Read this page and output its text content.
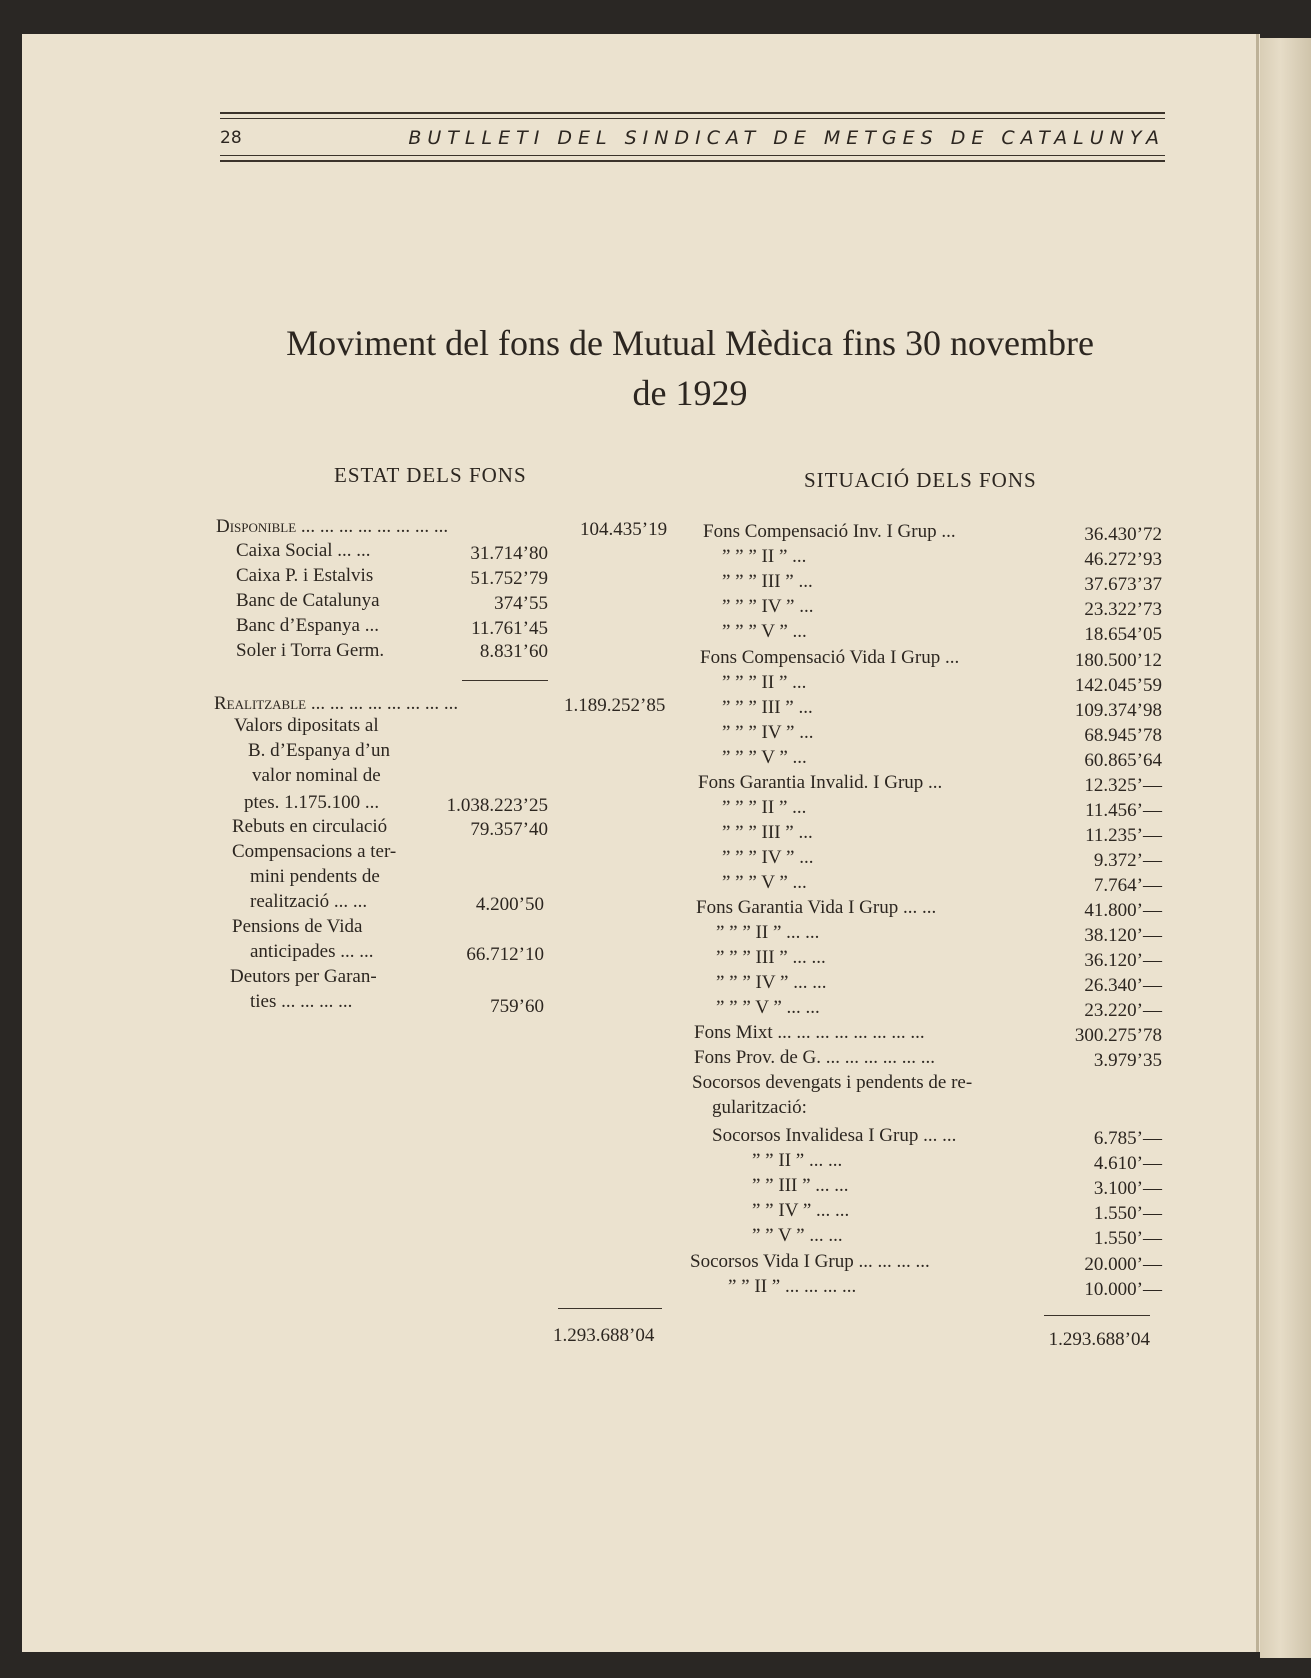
28	BUTLLETI DEL SINDICAT DE METGES DE CATALUNYA
Moviment del fons de Mutual Mèdica fins 30 novembre
de 1929
ESTAT DELS FONS	SITUACIÓ DELS FONS
Disponible ... ... ... ... ... ... ... ...	104.435’19
Caixa Social ... ...	31.714’80
Caixa P. i Estalvis	51.752’79
Banc de Catalunya	374’55
Banc d’Espanya ...	11.761’45
Soler i Torra Germ.	8.831’60
Realitzable ... ... ... ... ... ... ... ...	1.189.252’85
Valors dipositats al
B. d’Espanya d’un
valor nominal de
ptes. 1.175.100 ...	1.038.223’25
Rebuts en circulació	79.357’40
Compensacions a ter-
mini pendents de
realització ... ...	4.200’50
Pensions de Vida
anticipades ... ...	66.712’10
Deutors per Garan-
ties ... ... ... ...	759’60
1.293.688’04
Fons Compensació Inv. I Grup ...	36.430’72
” ” ” II ” ...	46.272’93
” ” ” III ” ...	37.673’37
” ” ” IV ” ...	23.322’73
” ” ” V ” ...	18.654’05
Fons Compensació Vida I Grup ...	180.500’12
” ” ” II ” ...	142.045’59
” ” ” III ” ...	109.374’98
” ” ” IV ” ...	68.945’78
” ” ” V ” ...	60.865’64
Fons Garantia Invalid. I Grup ...	12.325’—
” ” ” II ” ...	11.456’—
” ” ” III ” ...	11.235’—
” ” ” IV ” ...	9.372’—
” ” ” V ” ...	7.764’—
Fons Garantia Vida I Grup ... ...	41.800’—
” ” ” II ” ... ...	38.120’—
” ” ” III ” ... ...	36.120’—
” ” ” IV ” ... ...	26.340’—
” ” ” V ” ... ...	23.220’—
Fons Mixt ... ... ... ... ... ... ... ...	300.275’78
Fons Prov. de G. ... ... ... ... ... ...	3.979’35
Socorsos devengats i pendents de re-
gularització:
Socorsos Invalidesa I Grup ... ...	6.785’—
” ” II ” ... ...	4.610’—
” ” III ” ... ...	3.100’—
” ” IV ” ... ...	1.550’—
” ” V ” ... ...	1.550’—
Socorsos Vida I Grup ... ... ... ...	20.000’—
” ” II ” ... ... ... ...	10.000’—
1.293.688’04
